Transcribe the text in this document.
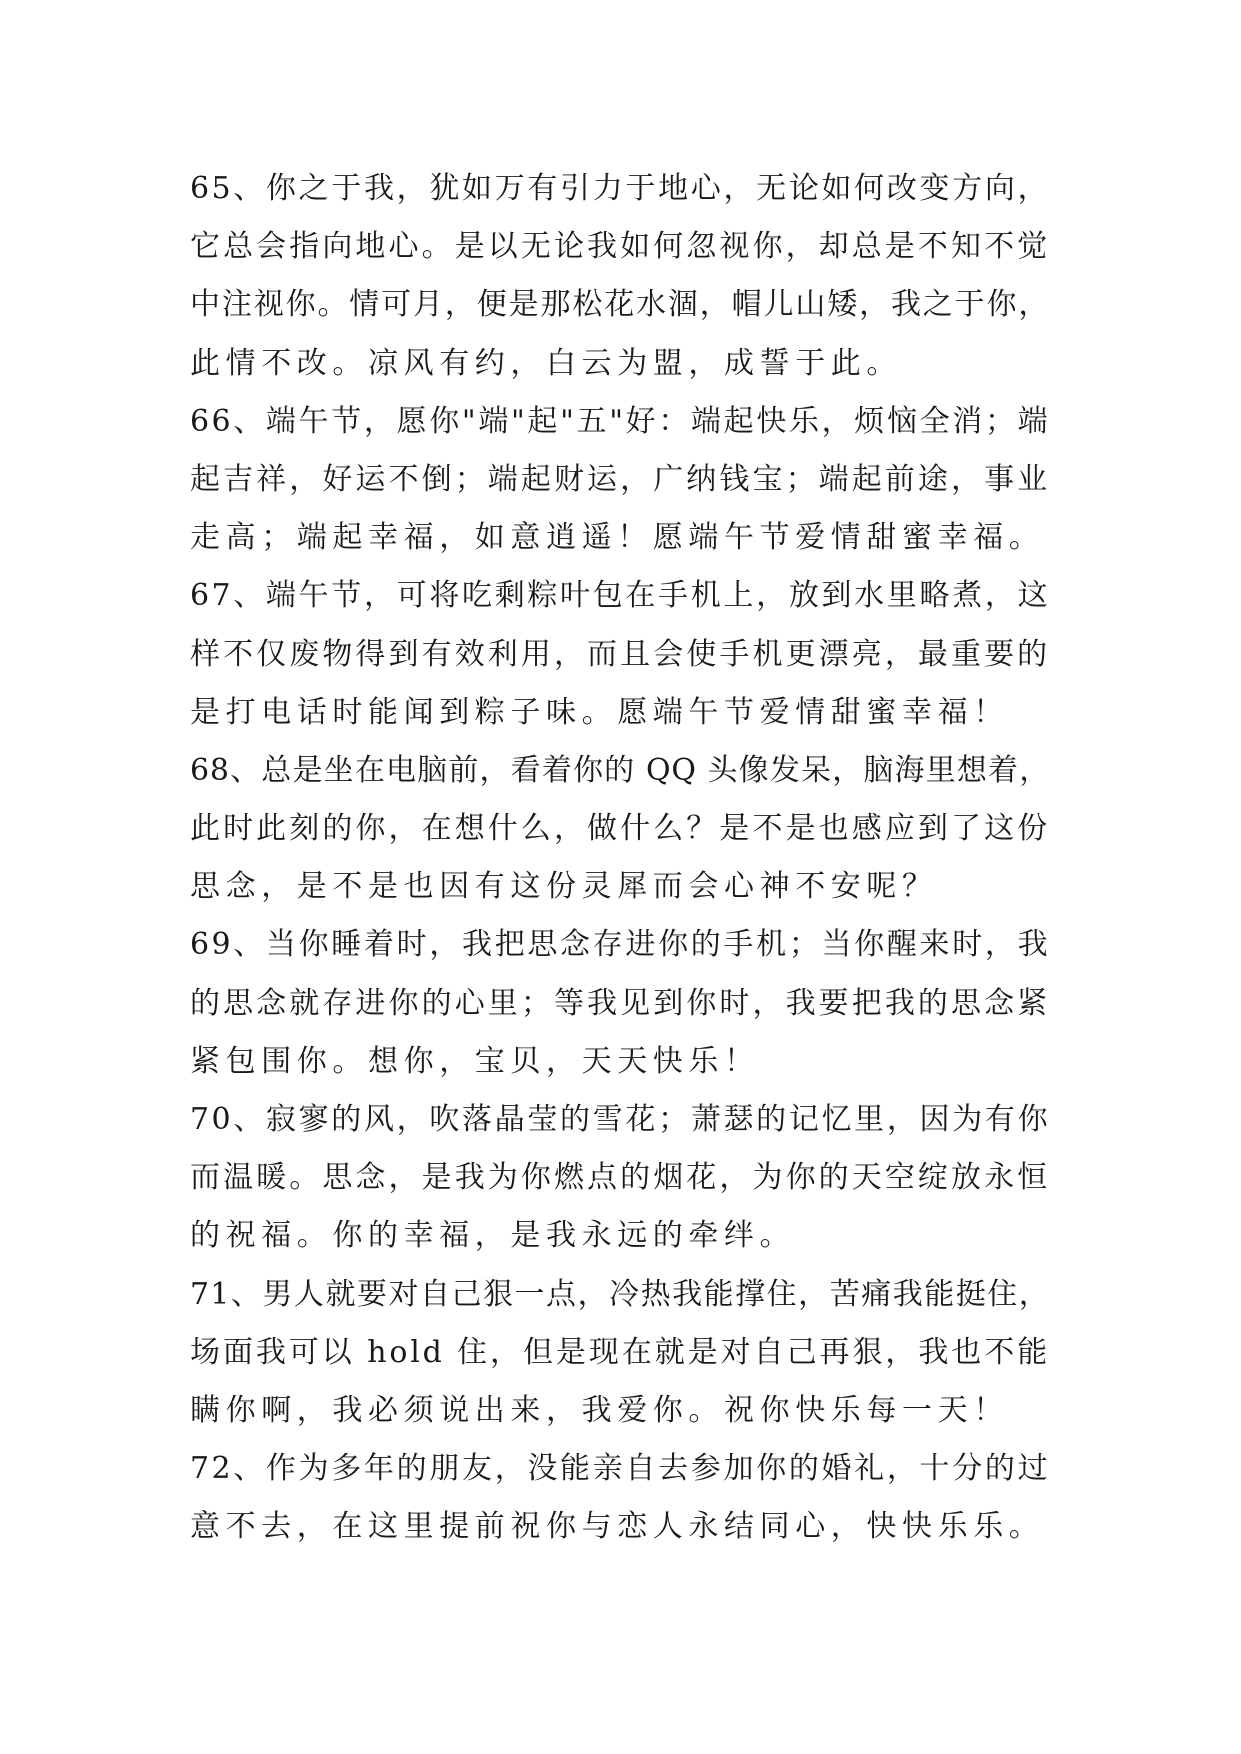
65、你之于我，犹如万有引力于地心，无论如何改变方向，
它总会指向地心。是以无论我如何忽视你，却总是不知不觉
中注视你。情可月，便是那松花水涸，帽儿山矮，我之于你，
此情不改。凉风有约，白云为盟，成誓于此。
66、端午节，愿你"端"起"五"好：端起快乐，烦恼全消；端
起吉祥，好运不倒；端起财运，广纳钱宝；端起前途，事业
走高；端起幸福，如意逍遥！愿端午节爱情甜蜜幸福。
67、端午节，可将吃剩粽叶包在手机上，放到水里略煮，这
样不仅废物得到有效利用，而且会使手机更漂亮，最重要的
是打电话时能闻到粽子味。愿端午节爱情甜蜜幸福！
68、总是坐在电脑前，看着你的 QQ 头像发呆，脑海里想着，
此时此刻的你，在想什么，做什么？是不是也感应到了这份
思念，是不是也因有这份灵犀而会心神不安呢？
69、当你睡着时，我把思念存进你的手机；当你醒来时，我
的思念就存进你的心里；等我见到你时，我要把我的思念紧
紧包围你。想你，宝贝，天天快乐！
70、寂寥的风，吹落晶莹的雪花；萧瑟的记忆里，因为有你
而温暖。思念，是我为你燃点的烟花，为你的天空绽放永恒
的祝福。你的幸福，是我永远的牵绊。
71、男人就要对自己狠一点，冷热我能撑住，苦痛我能挺住，
场面我可以 hold 住，但是现在就是对自己再狠，我也不能
瞒你啊，我必须说出来，我爱你。祝你快乐每一天！
72、作为多年的朋友，没能亲自去参加你的婚礼，十分的过
意不去，在这里提前祝你与恋人永结同心，快快乐乐。
